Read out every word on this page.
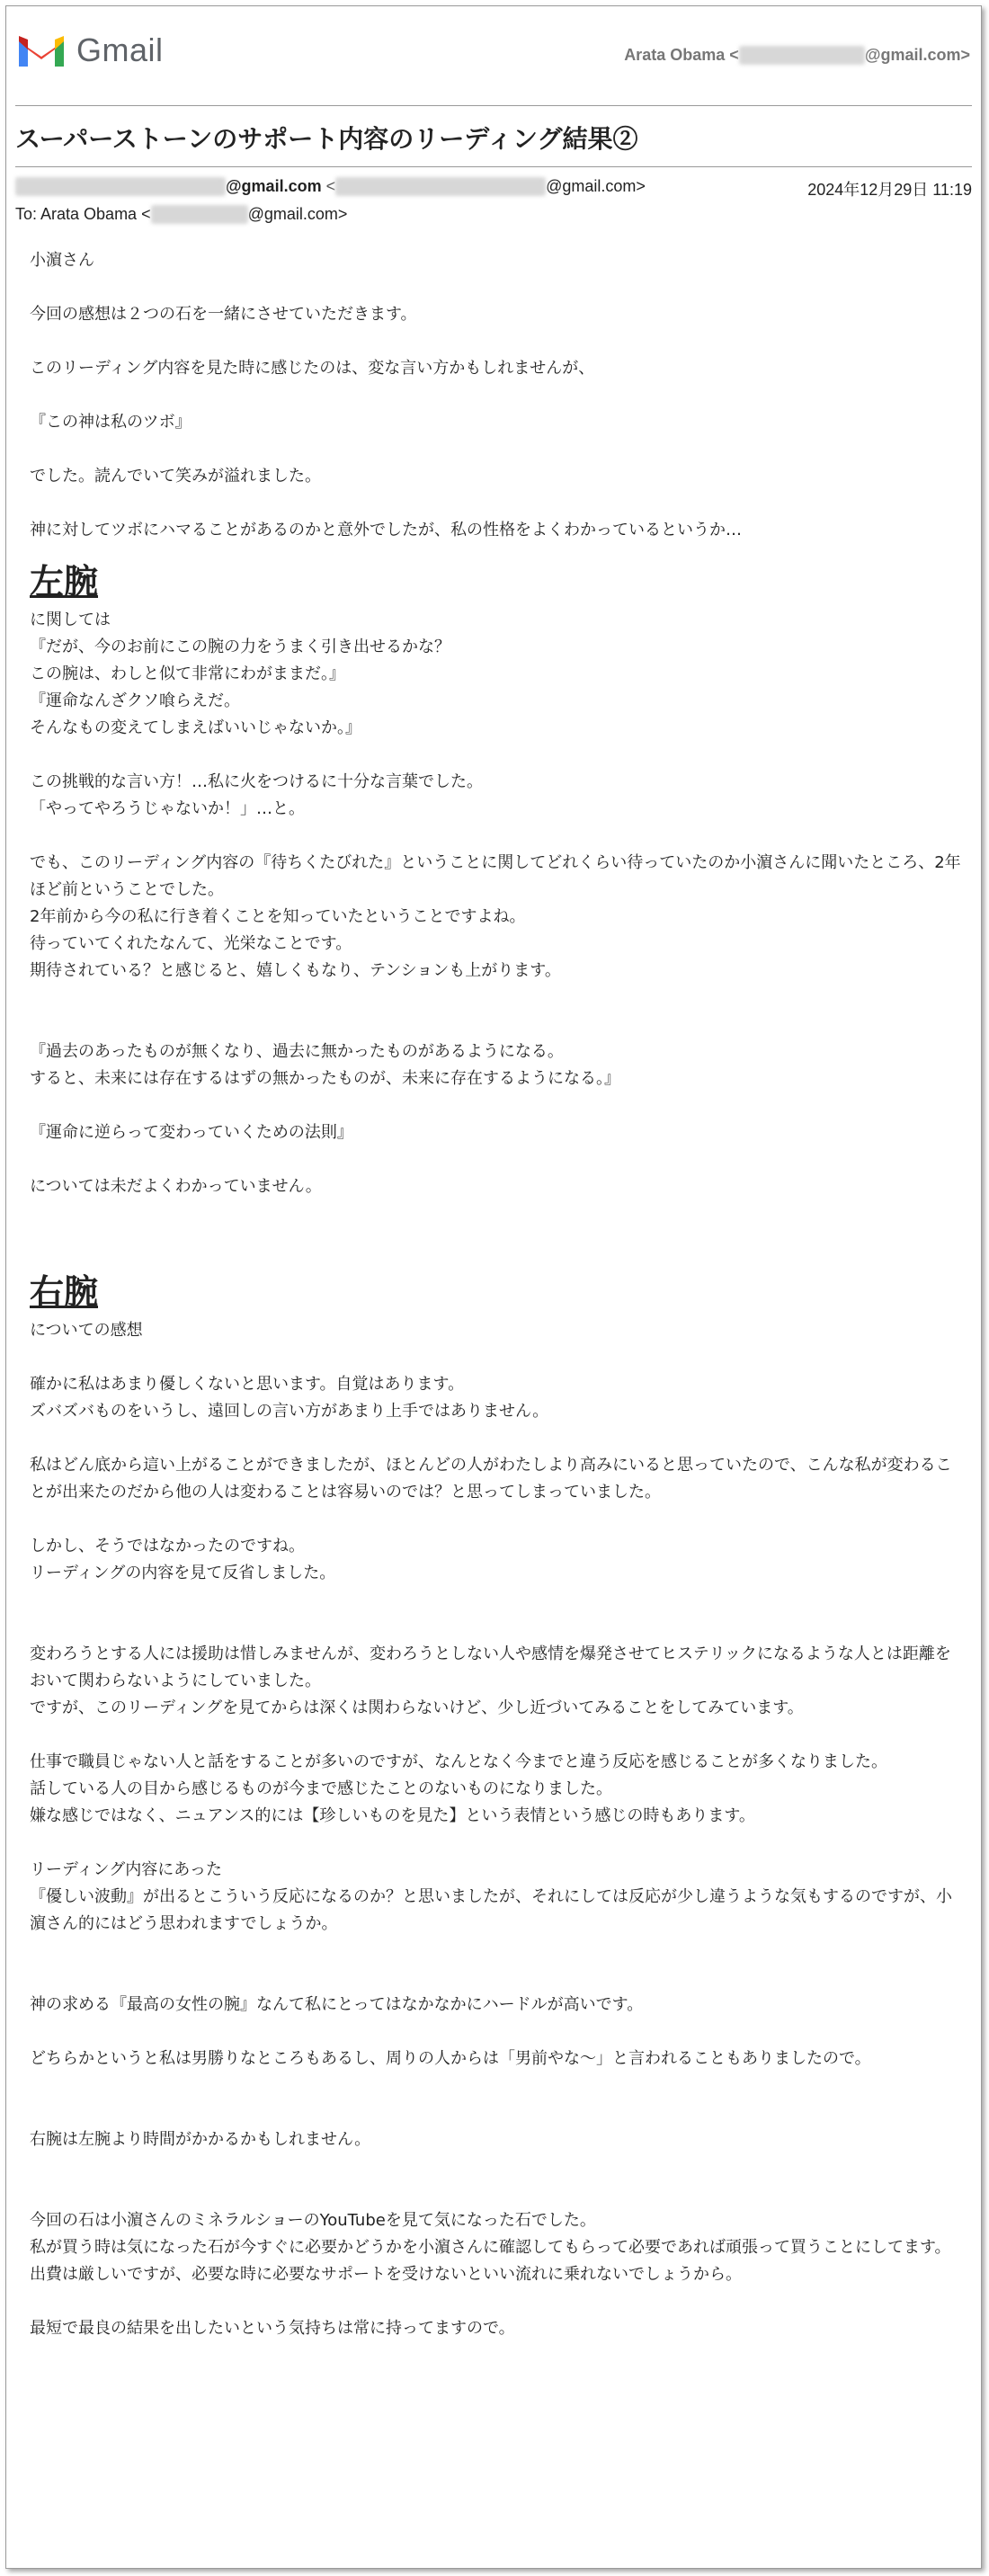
Gmail	Arata Obama <	@gmail.com>
スーパーストーンのサポート内容のリーディング結果②
@gmail.com <	@gmail.com>	2024年12月29日 11:19
To: Arata Obama <	@gmail.com>

小濵さん

今回の感想は２つの石を一緒にさせていただきます。

このリーディング内容を見た時に感じたのは、変な言い方かもしれませんが、

『この神は私のツボ』

でした。読んでいて笑みが溢れました。

神に対してツボにハマることがあるのかと意外でしたが、私の性格をよくわかっているというか…

左腕

に関しては

『だが、今のお前にこの腕の力をうまく引き出せるかな？

この腕は、わしと似て非常にわがままだ。』

『運命なんざクソ喰らえだ。

そんなもの変えてしまえばいいじゃないか。』

この挑戦的な言い方！…私に火をつけるに十分な言葉でした。

「やってやろうじゃないか！」…と。

でも、このリーディング内容の『待ちくたびれた』ということに関してどれくらい待っていたのか小濵さんに聞いたところ、2年ほど前ということでした。

2年前から今の私に行き着くことを知っていたということですよね。

待っていてくれたなんて、光栄なことです。

期待されている？と感じると、嬉しくもなり、テンションも上がります。

『過去のあったものが無くなり、過去に無かったものがあるようになる。

すると、未来には存在するはずの無かったものが、未来に存在するようになる。』

『運命に逆らって変わっていくための法則』

については未だよくわかっていません。

右腕

についての感想

確かに私はあまり優しくないと思います。自覚はあります。

ズバズバものをいうし、遠回しの言い方があまり上手ではありません。

私はどん底から這い上がることができましたが、ほとんどの人がわたしより高みにいると思っていたので、こんな私が変わることが出来たのだから他の人は変わることは容易いのでは？と思ってしまっていました。

しかし、そうではなかったのですね。

リーディングの内容を見て反省しました。

変わろうとする人には援助は惜しみませんが、変わろうとしない人や感情を爆発させてヒステリックになるような人とは距離をおいて関わらないようにしていました。

ですが、このリーディングを見てからは深くは関わらないけど、少し近づいてみることをしてみています。

仕事で職員じゃない人と話をすることが多いのですが、なんとなく今までと違う反応を感じることが多くなりました。

話している人の目から感じるものが今まで感じたことのないものになりました。

嫌な感じではなく、ニュアンス的には【珍しいものを見た】という表情という感じの時もあります。

リーディング内容にあった

『優しい波動』が出るとこういう反応になるのか？と思いましたが、それにしては反応が少し違うような気もするのですが、小濵さん的にはどう思われますでしょうか。

神の求める『最高の女性の腕』なんて私にとってはなかなかにハードルが高いです。

どちらかというと私は男勝りなところもあるし、周りの人からは「男前やな〜」と言われることもありましたので。

右腕は左腕より時間がかかるかもしれません。

今回の石は小濵さんのミネラルショーのYouTubeを見て気になった石でした。

私が買う時は気になった石が今すぐに必要かどうかを小濵さんに確認してもらって必要であれば頑張って買うことにしてます。

出費は厳しいですが、必要な時に必要なサポートを受けないといい流れに乗れないでしょうから。

最短で最良の結果を出したいという気持ちは常に持ってますので。
